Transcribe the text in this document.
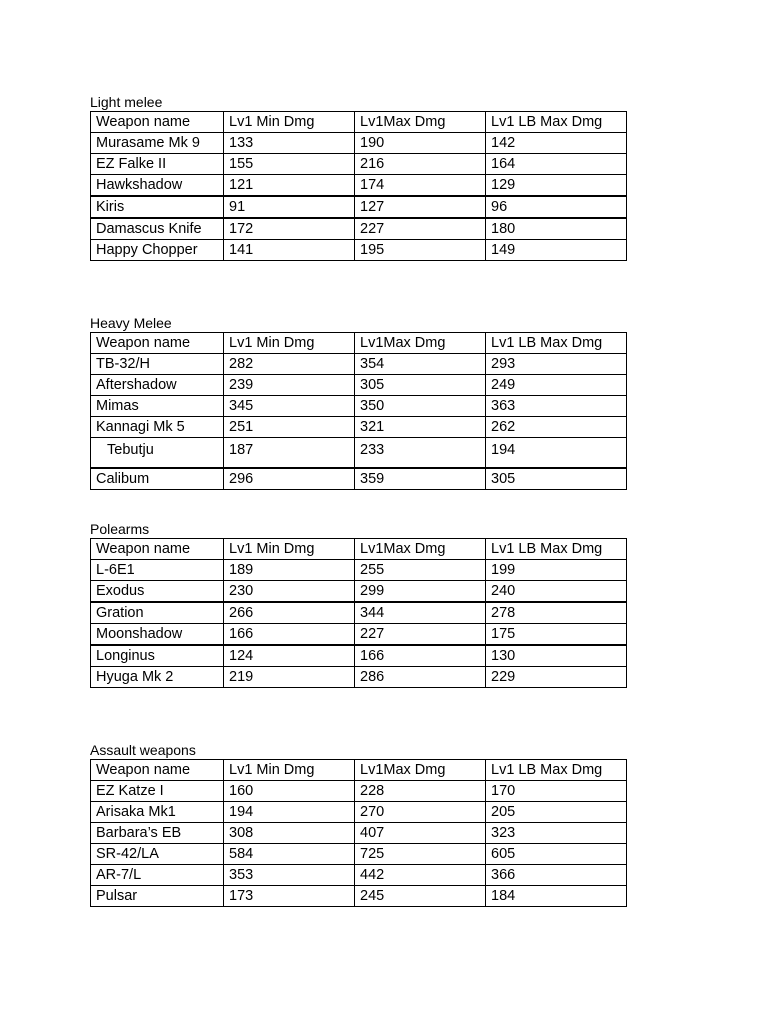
Light melee
Weapon name	Lv1 Min Dmg	Lv1Max Dmg	Lv1 LB Max Dmg
Murasame Mk 9	133	190	142
EZ Falke II	155	216	164
Hawkshadow	121	174	129
Kiris	91	127	96
Damascus Knife	172	227	180
Happy Chopper	141	195	149
Heavy Melee
Weapon name	Lv1 Min Dmg	Lv1Max Dmg	Lv1 LB Max Dmg
TB-32/H	282	354	293
Aftershadow	239	305	249
Mimas	345	350	363
Kannagi Mk 5	251	321	262
Tebutju	187	233	194
Calibum	296	359	305
Polearms
Weapon name	Lv1 Min Dmg	Lv1Max Dmg	Lv1 LB Max Dmg
L-6E1	189	255	199
Exodus	230	299	240
Gration	266	344	278
Moonshadow	166	227	175
Longinus	124	166	130
Hyuga Mk 2	219	286	229
Assault weapons
Weapon name	Lv1 Min Dmg	Lv1Max Dmg	Lv1 LB Max Dmg
EZ Katze I	160	228	170
Arisaka Mk1	194	270	205
Barbara’s EB	308	407	323
SR-42/LA	584	725	605
AR-7/L	353	442	366
Pulsar	173	245	184
